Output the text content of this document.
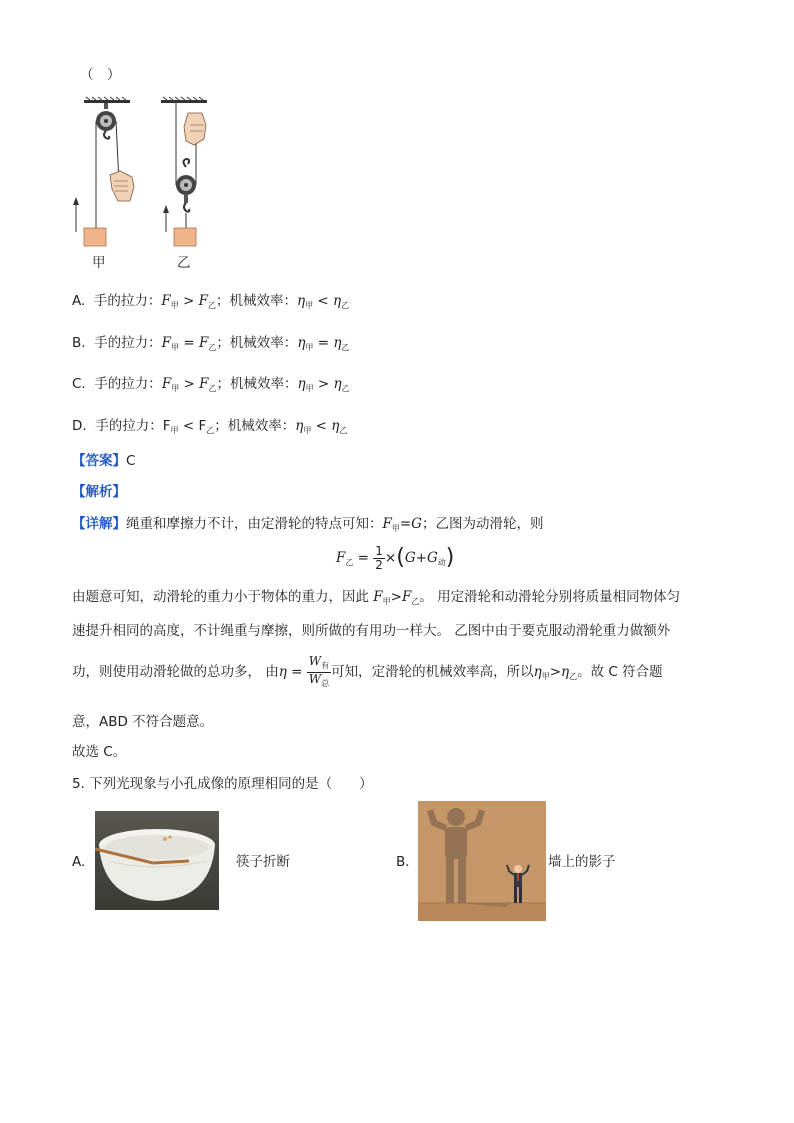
（　）
甲	乙
A. 手的拉力：$F_甲 > F_乙$；机械效率：$\eta_甲 < \eta_乙$
B. 手的拉力：$F_甲 = F_乙$；机械效率：$\eta_甲 = \eta_乙$
C. 手的拉力：$F_甲 > F_乙$；机械效率：$\eta_甲 > \eta_乙$
D. 手的拉力：$F_甲 < F_乙$；机械效率：$\eta_甲 < \eta_乙$
【答案】C
【解析】
【详解】绳重和摩擦力不计，由定滑轮的特点可知：$F_甲=G$；乙图为动滑轮，则
$F_乙 = \frac{1}{2} \times(G+G_动)$
由题意可知，动滑轮的重力小于物体的重力，因此 $F_甲>F_乙$。 用定滑轮和动滑轮分别将质量相同物体匀
速提升相同的高度，不计绳重与摩擦，则所做的有用功一样大。 乙图中由于要克服动滑轮重力做额外
功，则使用动滑轮做的总功多， 由$\eta = \frac{W_有}{W_总}$ 可知，定滑轮的机械效率高，所以$\eta_甲>\eta_乙$。故 C 符合题
意，ABD 不符合题意。
故选 C。
5. 下列光现象与小孔成像的原理相同的是（　　）
A.	筷子折断	B.	墙上的影子
